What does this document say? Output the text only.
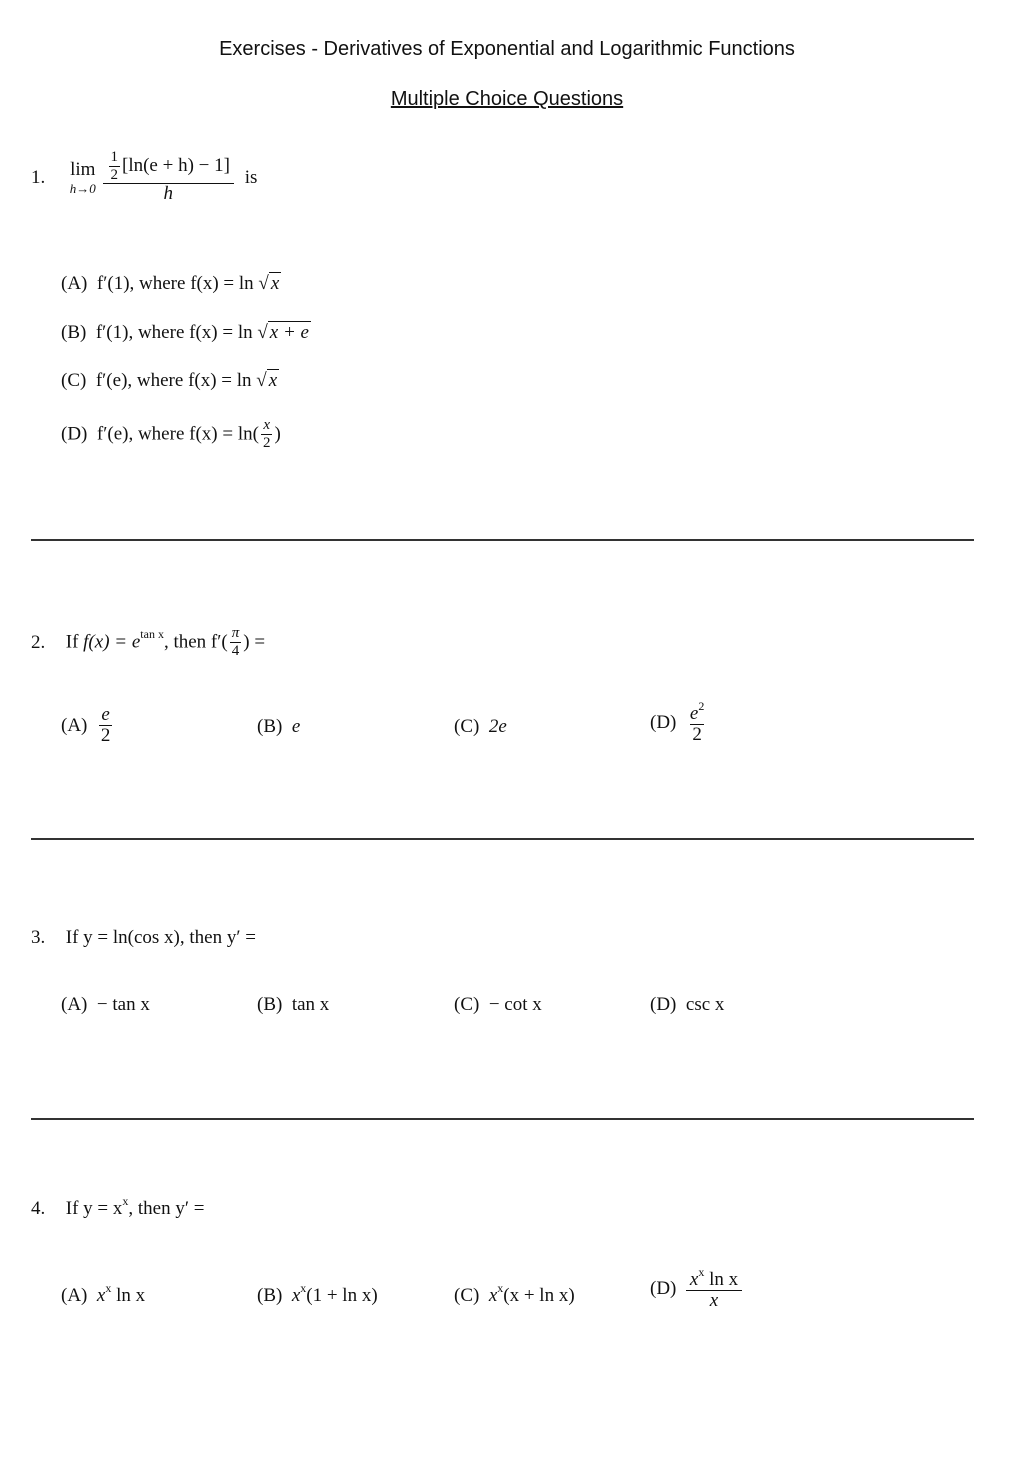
Exercises - Derivatives of Exponential and Logarithmic Functions
Multiple Choice Questions
1. lim
h→0
$\frac{\frac{1}{2} [\ln(e + h) - 1]}{h}$ is
(A) f′(1), where f(x) = ln √ x
(B) f′(1), where f(x) = ln √ x + e
(C) f′(e), where f(x) = ln √ x
(D) f′(e), where $f(x) = \ln( \frac{x}{2}$ )
2. If $f(x) = e^{tan x}$, then $f'( \frac{\pi}{4}$ ) =
$(A) \frac{e}{2}$	(B) e	(C) 2e	$(D) \frac{e^2}{2}$
3. If y = ln(cos x), then y′ =
(A) − tan x	(B) tan x	(C) − cot x	(D) csc x
4. If $y = x^x$, then y′ =
(A) $x^x$ ln x	(B) $x^x(1 + \ln x)$	(C) $x^x(x + \ln x)$	$(D) \frac{x^x \ln x}{x}$
